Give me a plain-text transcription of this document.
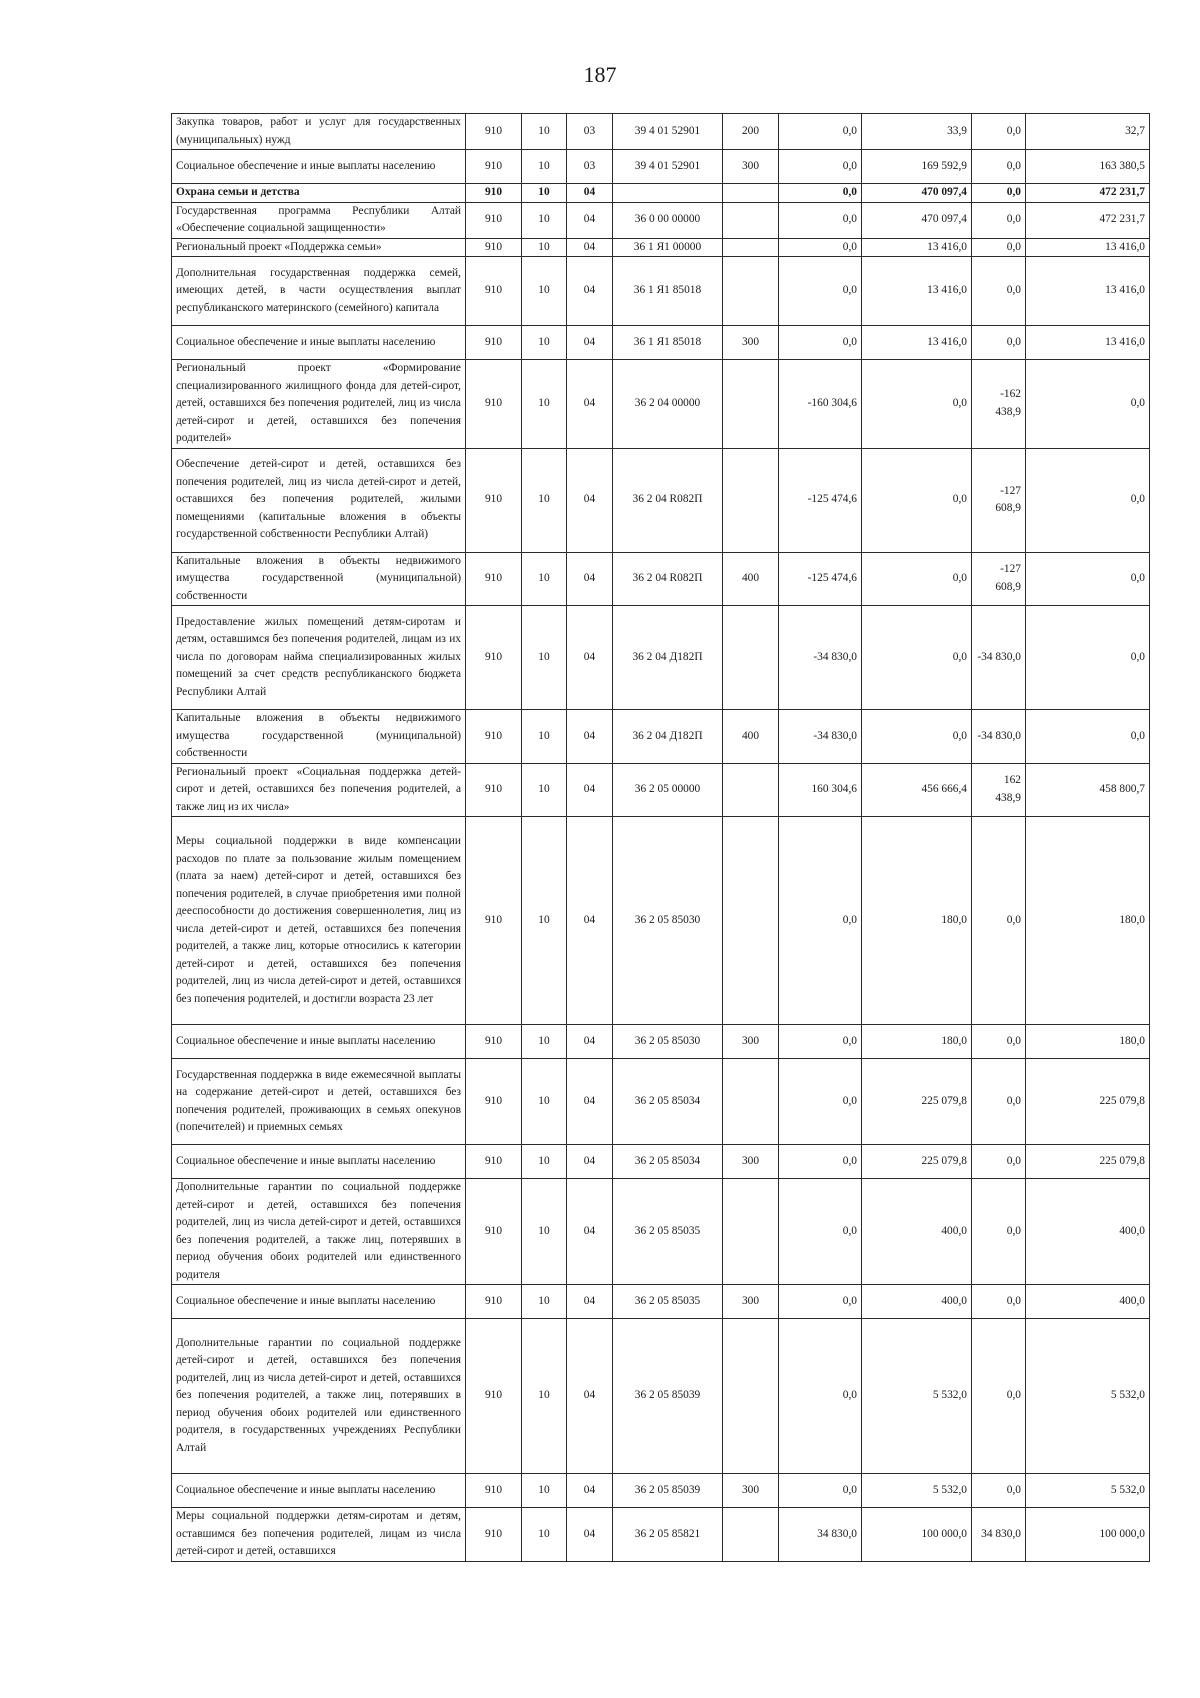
187
Закупка товаров, работ и услуг для государственных (муниципальных) нужд	910	10	03	39 4 01 52901	200	0,0	33,9	0,0	32,7
Социальное обеспечение и иные выплаты населению	910	10	03	39 4 01 52901	300	0,0	169 592,9	0,0	163 380,5
Охрана семьи и детства	910	10	04			0,0	470 097,4	0,0	472 231,7
Государственная программа Республики Алтай «Обеспечение социальной защищенности»	910	10	04	36 0 00 00000		0,0	470 097,4	0,0	472 231,7
Региональный проект «Поддержка семьи»	910	10	04	36 1 Я1 00000		0,0	13 416,0	0,0	13 416,0
Дополнительная государственная поддержка семей, имеющих детей, в части осуществления выплат республиканского материнского (семейного) капитала	910	10	04	36 1 Я1 85018		0,0	13 416,0	0,0	13 416,0
Социальное обеспечение и иные выплаты населению	910	10	04	36 1 Я1 85018	300	0,0	13 416,0	0,0	13 416,0
Региональный проект «Формирование специализированного жилищного фонда для детей-сирот, детей, оставшихся без попечения родителей, лиц из числа детей-сирот и детей, оставшихся без попечения родителей»	910	10	04	36 2 04 00000		-160 304,6	0,0	-162 438,9	0,0
Обеспечение детей-сирот и детей, оставшихся без попечения родителей, лиц из числа детей-сирот и детей, оставшихся без попечения родителей, жилыми помещениями (капитальные вложения в объекты государственной собственности Республики Алтай)	910	10	04	36 2 04 R082П		-125 474,6	0,0	-127 608,9	0,0
Капитальные вложения в объекты недвижимого имущества государственной (муниципальной) собственности	910	10	04	36 2 04 R082П	400	-125 474,6	0,0	-127 608,9	0,0
Предоставление жилых помещений детям-сиротам и детям, оставшимся без попечения родителей, лицам из их числа по договорам найма специализированных жилых помещений за счет средств республиканского бюджета Республики Алтай	910	10	04	36 2 04 Д182П		-34 830,0	0,0	-34 830,0	0,0
Капитальные вложения в объекты недвижимого имущества государственной (муниципальной) собственности	910	10	04	36 2 04 Д182П	400	-34 830,0	0,0	-34 830,0	0,0
Региональный проект «Социальная поддержка детей-сирот и детей, оставшихся без попечения родителей, а также лиц из их числа»	910	10	04	36 2 05 00000		160 304,6	456 666,4	162 438,9	458 800,7
Меры социальной поддержки в виде компенсации расходов по плате за пользование жилым помещением (плата за наем) детей-сирот и детей, оставшихся без попечения родителей, в случае приобретения ими полной дееспособности до достижения совершеннолетия, лиц из числа детей-сирот и детей, оставшихся без попечения родителей, а также лиц, которые относились к категории детей-сирот и детей, оставшихся без попечения родителей, лиц из числа детей-сирот и детей, оставшихся без попечения родителей, и достигли возраста 23 лет	910	10	04	36 2 05 85030		0,0	180,0	0,0	180,0
Социальное обеспечение и иные выплаты населению	910	10	04	36 2 05 85030	300	0,0	180,0	0,0	180,0
Государственная поддержка в виде ежемесячной выплаты на содержание детей-сирот и детей, оставшихся без попечения родителей, проживающих в семьях опекунов (попечителей) и приемных семьях	910	10	04	36 2 05 85034		0,0	225 079,8	0,0	225 079,8
Социальное обеспечение и иные выплаты населению	910	10	04	36 2 05 85034	300	0,0	225 079,8	0,0	225 079,8
Дополнительные гарантии по социальной поддержке детей-сирот и детей, оставшихся без попечения родителей, лиц из числа детей-сирот и детей, оставшихся без попечения родителей, а также лиц, потерявших в период обучения обоих родителей или единственного родителя	910	10	04	36 2 05 85035		0,0	400,0	0,0	400,0
Социальное обеспечение и иные выплаты населению	910	10	04	36 2 05 85035	300	0,0	400,0	0,0	400,0
Дополнительные гарантии по социальной поддержке детей-сирот и детей, оставшихся без попечения родителей, лиц из числа детей-сирот и детей, оставшихся без попечения родителей, а также лиц, потерявших в период обучения обоих родителей или единственного родителя, в государственных учреждениях Республики Алтай	910	10	04	36 2 05 85039		0,0	5 532,0	0,0	5 532,0
Социальное обеспечение и иные выплаты населению	910	10	04	36 2 05 85039	300	0,0	5 532,0	0,0	5 532,0
Меры социальной поддержки детям-сиротам и детям, оставшимся без попечения родителей, лицам из числа детей-сирот и детей, оставшихся	910	10	04	36 2 05 85821		34 830,0	100 000,0	34 830,0	100 000,0
